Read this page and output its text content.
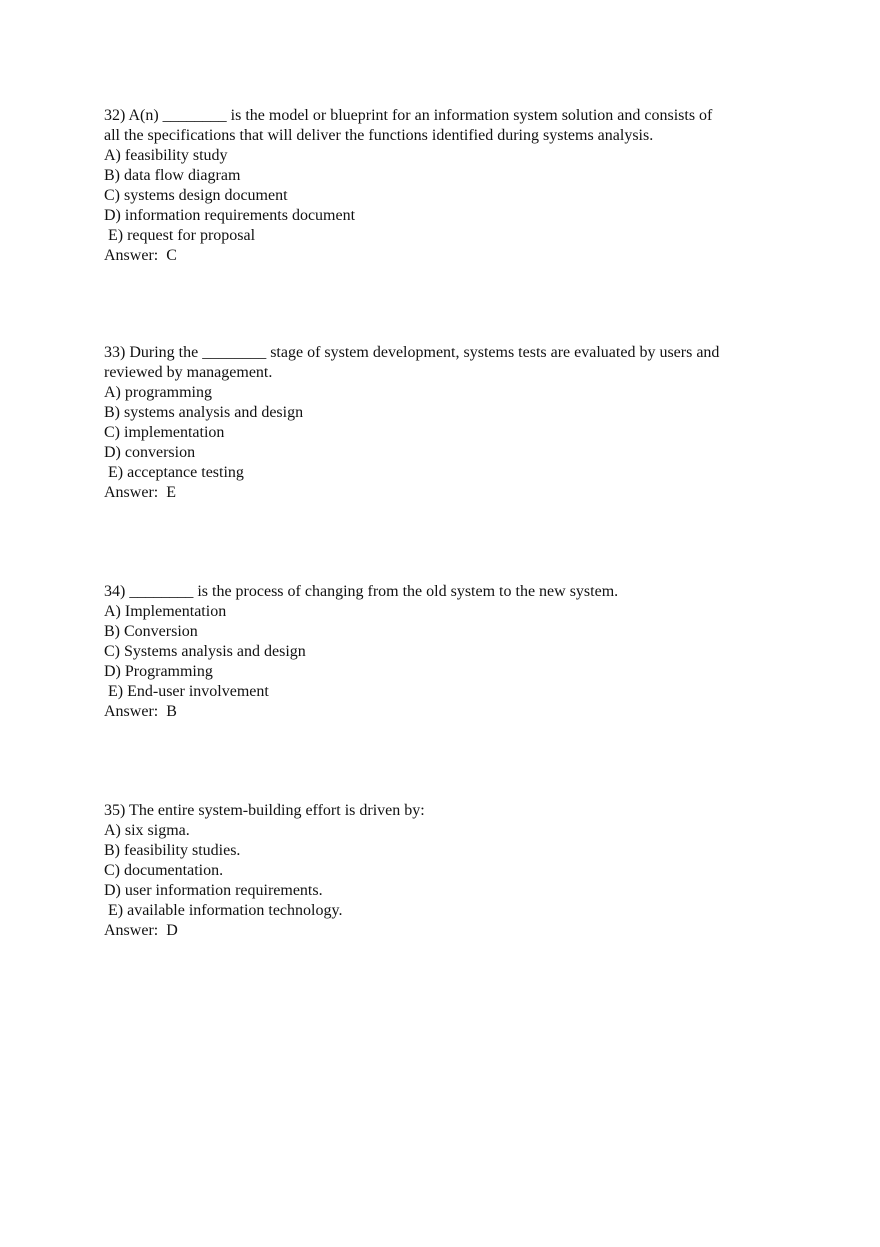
32) A(n) ________ is the model or blueprint for an information system solution and consists of

all the specifications that will deliver the functions identified during systems analysis.

A) feasibility study
B) data flow diagram
C) systems design document
D) information requirements document
E) request for proposal

Answer:  C

33) During the ________ stage of system development, systems tests are evaluated by users and

reviewed by management.

A) programming
B) systems analysis and design
C) implementation
D) conversion
E) acceptance testing

Answer:  E

34) ________ is the process of changing from the old system to the new system.

A) Implementation
B) Conversion
C) Systems analysis and design
D) Programming
E) End-user involvement

Answer:  B

35) The entire system-building effort is driven by:

A) six sigma.
B) feasibility studies.
C) documentation.
D) user information requirements.
E) available information technology.

Answer:  D
